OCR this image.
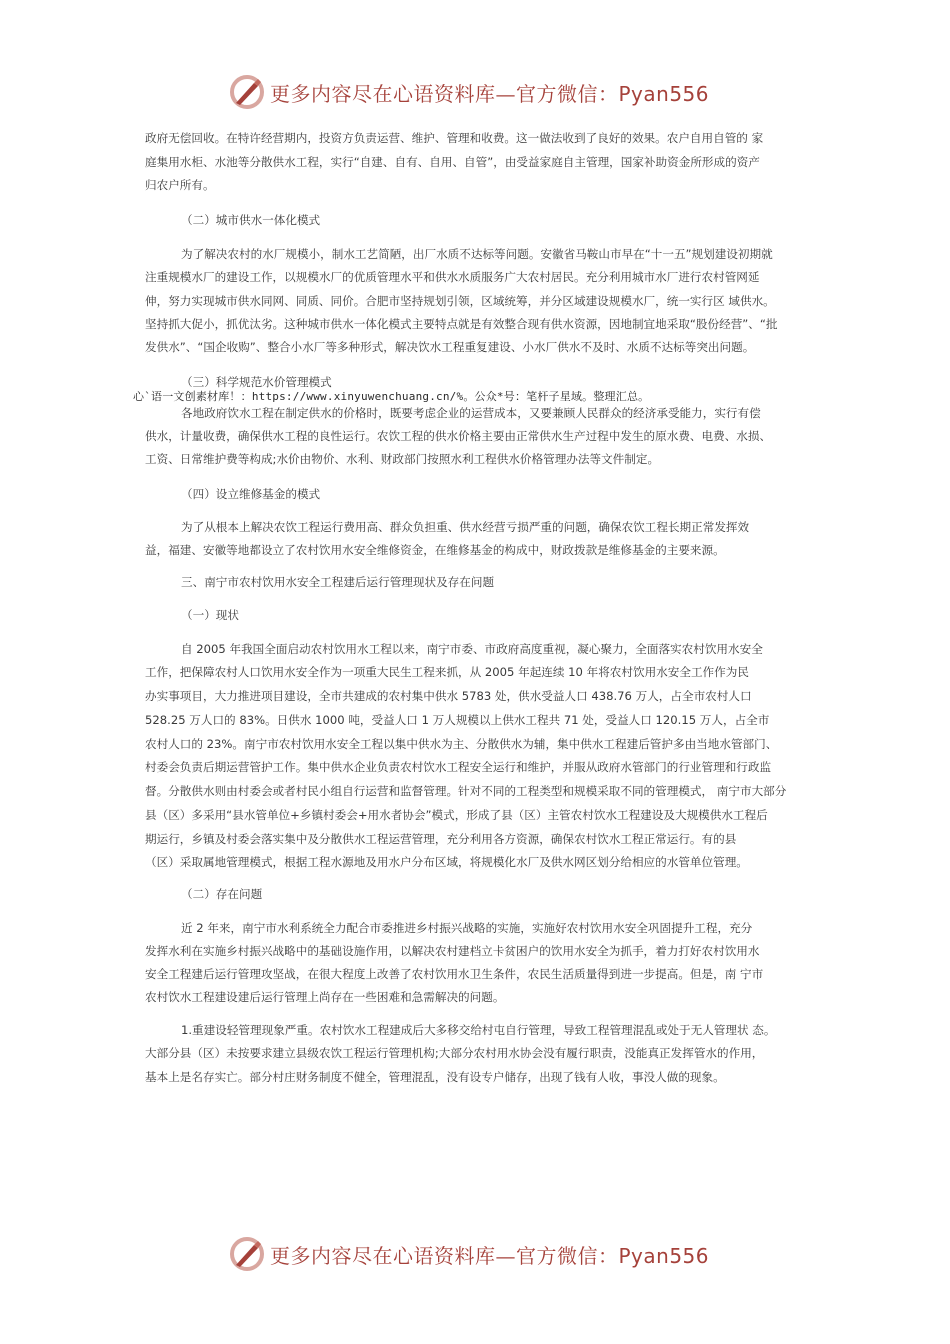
更多内容尽在心语资料库—官方微信：Pyan556
政府无偿回收。在特许经营期内，投资方负责运营、维护、管理和收费。这一做法收到了良好的效果。农户自用自管的 家
庭集用水柜、水池等分散供水工程，实行“自建、自有、自用、自管”，由受益家庭自主管理，国家补助资金所形成的资产
归农户所有。
（二）城市供水一体化模式
为了解决农村的水厂规模小，制水工艺简陋，出厂水质不达标等问题。安徽省马鞍山市早在“十一五”规划建设初期就
注重规模水厂的建设工作，以规模水厂的优质管理水平和供水水质服务广大农村居民。充分利用城市水厂进行农村管网延
伸，努力实现城市供水同网、同质、同价。合肥市坚持规划引领，区域统筹，并分区域建设规模水厂，统一实行区 域供水。
坚持抓大促小，抓优汰劣。这种城市供水一体化模式主要特点就是有效整合现有供水资源，因地制宜地采取“股份经营”、“批
发供水”、“国企收购”、整合小水厂等多种形式，解决饮水工程重复建设、小水厂供水不及时、水质不达标等突出问题。
（三）科学规范水价管理模式
心`语一文创素材库！：https://www.xinyuwenchuang.cn/%。公众*号：笔杆子星域。整理汇总。
各地政府饮水工程在制定供水的价格时，既要考虑企业的运营成本，又要兼顾人民群众的经济承受能力，实行有偿
供水，计量收费，确保供水工程的良性运行。农饮工程的供水价格主要由正常供水生产过程中发生的原水费、电费、水损、
工资、日常维护费等构成;水价由物价、水利、财政部门按照水利工程供水价格管理办法等文件制定。
（四）设立维修基金的模式
为了从根本上解决农饮工程运行费用高、群众负担重、供水经营亏损严重的问题，确保农饮工程长期正常发挥效
益，福建、安徽等地都设立了农村饮用水安全维修资金，在维修基金的构成中，财政拨款是维修基金的主要来源。
三、南宁市农村饮用水安全工程建后运行管理现状及存在问题
（一）现状
自 2005 年我国全面启动农村饮用水工程以来，南宁市委、市政府高度重视，凝心聚力，全面落实农村饮用水安全
工作，把保障农村人口饮用水安全作为一项重大民生工程来抓，从 2005 年起连续 10 年将农村饮用水安全工作作为民
办实事项目，大力推进项目建设，全市共建成的农村集中供水 5783 处，供水受益人口 438.76 万人，占全市农村人口
528.25 万人口的 83%。日供水 1000 吨，受益人口 1 万人规模以上供水工程共 71 处，受益人口 120.15 万人，占全市
农村人口的 23%。南宁市农村饮用水安全工程以集中供水为主、分散供水为辅，集中供水工程建后管护多由当地水管部门、
村委会负责后期运营管护工作。集中供水企业负责农村饮水工程安全运行和维护，并服从政府水管部门的行业管理和行政监
督。分散供水则由村委会或者村民小组自行运营和监督管理。针对不同的工程类型和规模采取不同的管理模式， 南宁市大部分
县（区）多采用“县水管单位+乡镇村委会+用水者协会”模式，形成了县（区）主管农村饮水工程建设及大规模供水工程后
期运行，乡镇及村委会落实集中及分散供水工程运营管理，充分利用各方资源，确保农村饮水工程正常运行。有的县
（区）采取属地管理模式，根据工程水源地及用水户分布区域，将规模化水厂及供水网区划分给相应的水管单位管理。
（二）存在问题
近 2 年来，南宁市水利系统全力配合市委推进乡村振兴战略的实施，实施好农村饮用水安全巩固提升工程，充分
发挥水利在实施乡村振兴战略中的基础设施作用，以解决农村建档立卡贫困户的饮用水安全为抓手，着力打好农村饮用水
安全工程建后运行管理攻坚战，在很大程度上改善了农村饮用水卫生条件，农民生活质量得到进一步提高。但是，南 宁市
农村饮水工程建设建后运行管理上尚存在一些困难和急需解决的问题。
1.重建设轻管理现象严重。农村饮水工程建成后大多移交给村屯自行管理，导致工程管理混乱或处于无人管理状 态。
大部分县（区）未按要求建立县级农饮工程运行管理机构;大部分农村用水协会没有履行职责，没能真正发挥管水的作用，
基本上是名存实亡。部分村庄财务制度不健全，管理混乱，没有设专户储存，出现了钱有人收，事没人做的现象。
更多内容尽在心语资料库—官方微信：Pyan556
